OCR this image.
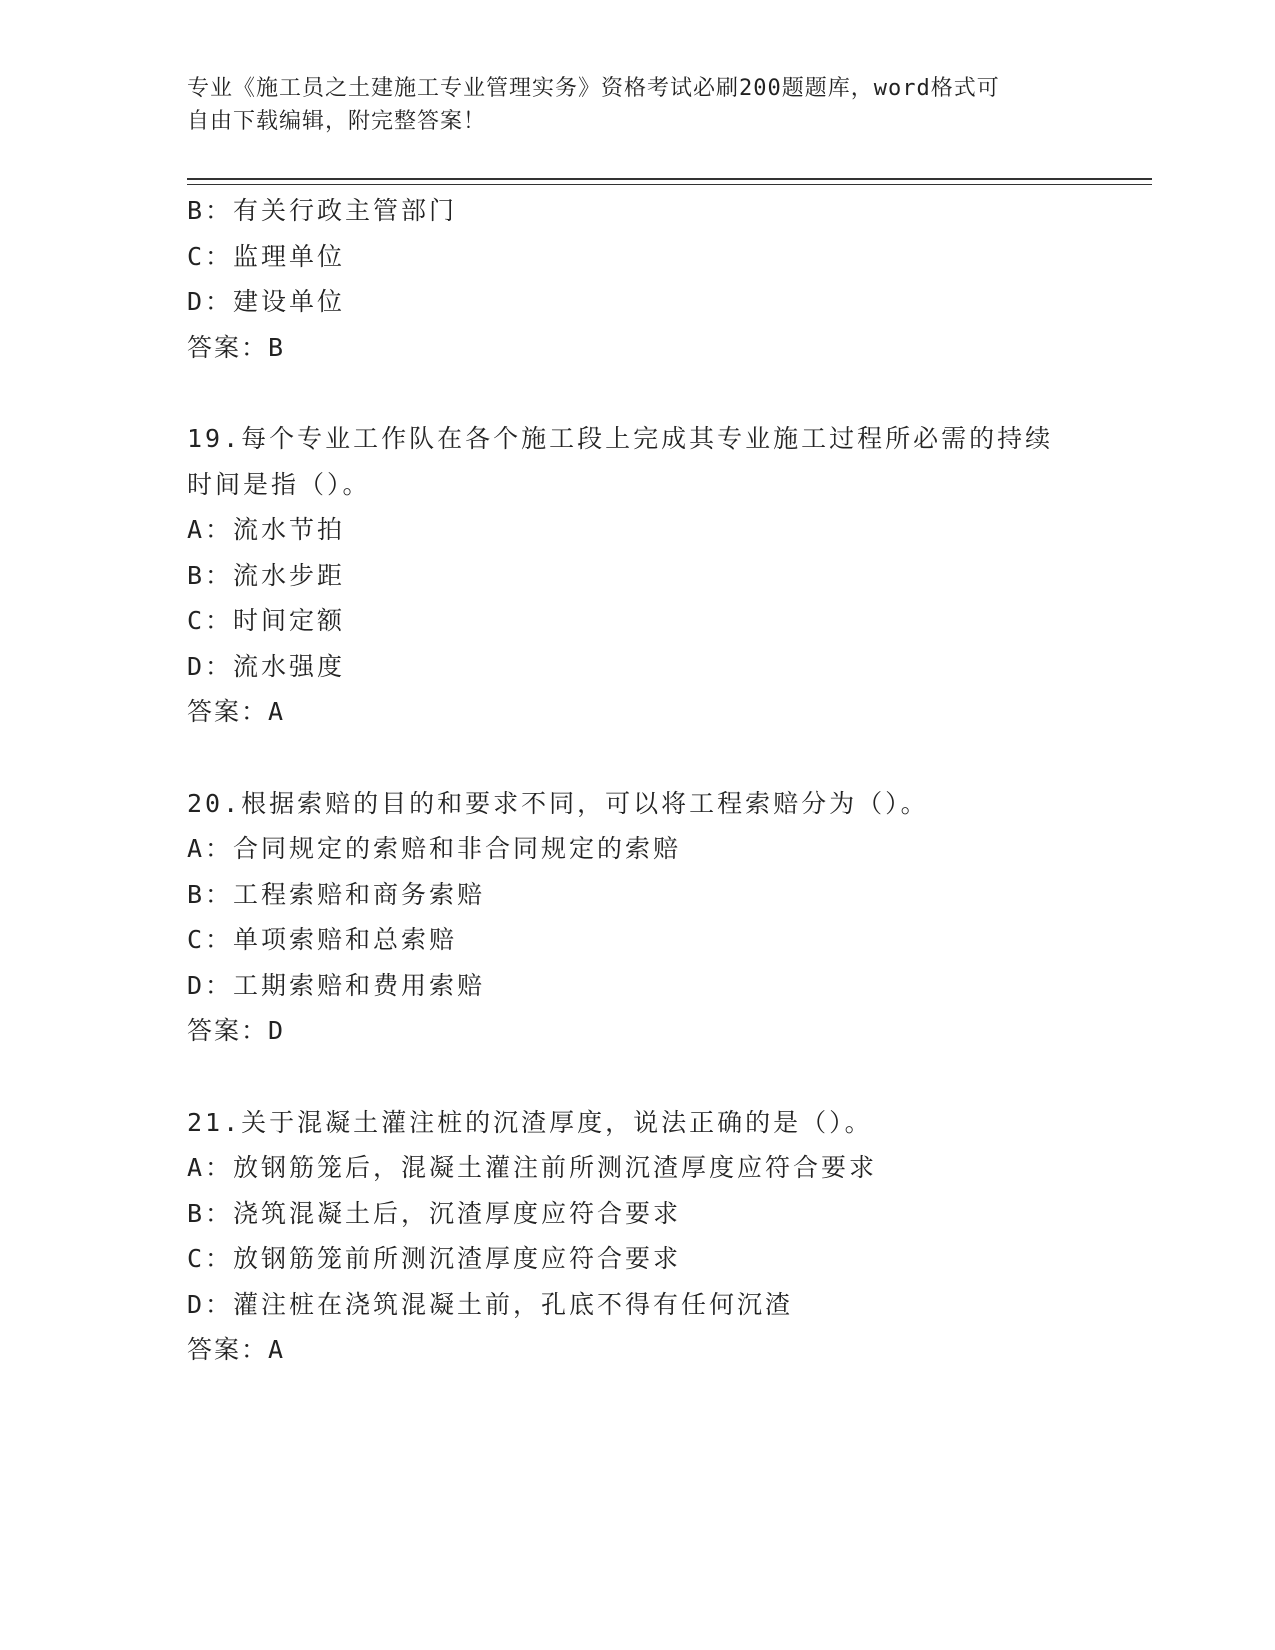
专业《施工员之土建施工专业管理实务》资格考试必刷200题题库，word格式可
自由下载编辑，附完整答案！
B：有关行政主管部门
C：监理单位
D：建设单位
答案：B
19.每个专业工作队在各个施工段上完成其专业施工过程所必需的持续
时间是指（）。
A：流水节拍
B：流水步距
C：时间定额
D：流水强度
答案：A
20.根据索赔的目的和要求不同，可以将工程索赔分为（）。
A：合同规定的索赔和非合同规定的索赔
B：工程索赔和商务索赔
C：单项索赔和总索赔
D：工期索赔和费用索赔
答案：D
21.关于混凝土灌注桩的沉渣厚度，说法正确的是（）。
A：放钢筋笼后，混凝土灌注前所测沉渣厚度应符合要求
B：浇筑混凝土后，沉渣厚度应符合要求
C：放钢筋笼前所测沉渣厚度应符合要求
D：灌注桩在浇筑混凝土前，孔底不得有任何沉渣
答案：A
